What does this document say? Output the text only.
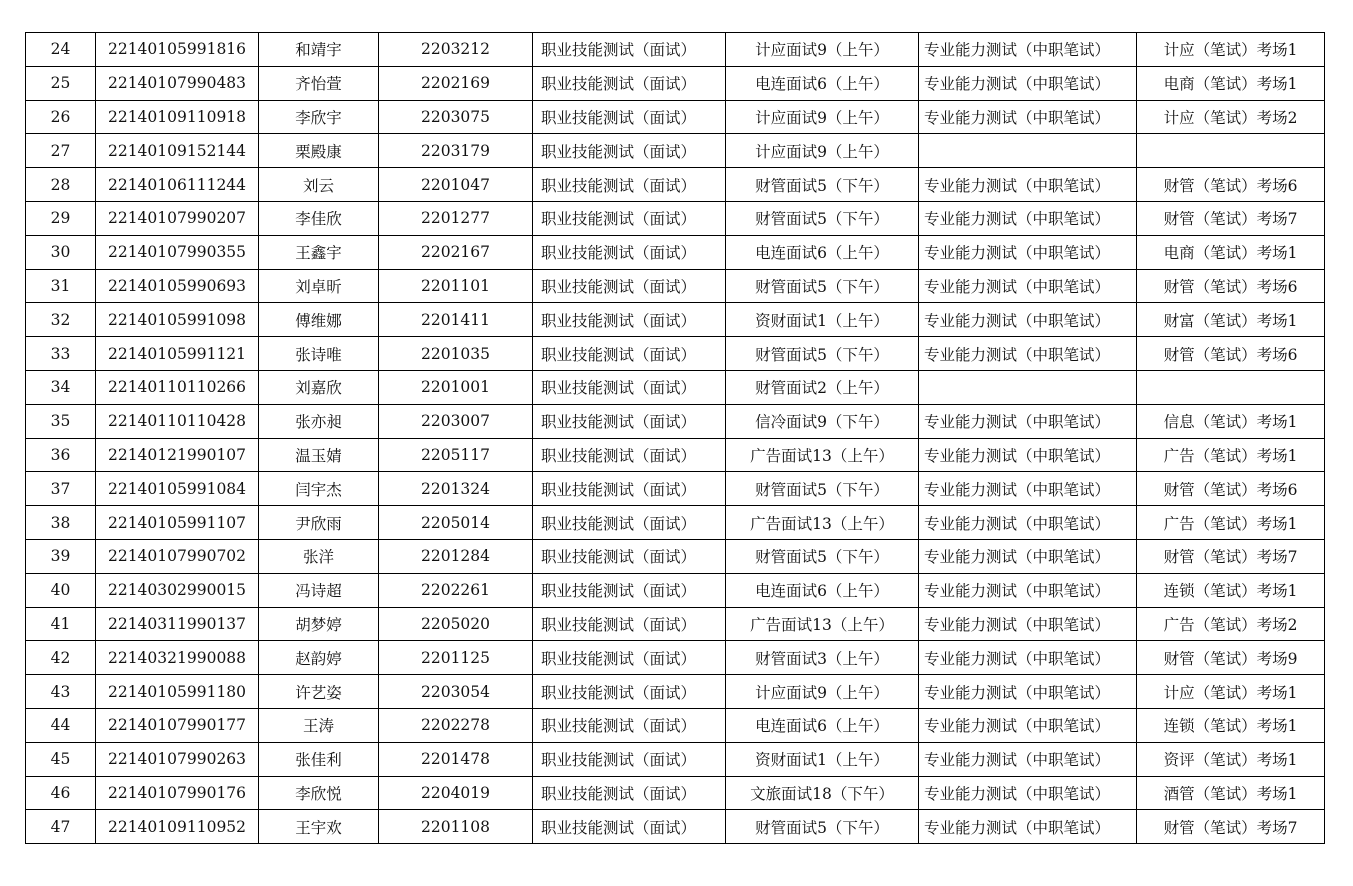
24	22140105991816	和靖宇	2203212	职业技能测试（面试）	计应面试9（上午）	专业能力测试（中职笔试）	计应（笔试）考场1
25	22140107990483	齐怡萱	2202169	职业技能测试（面试）	电连面试6（上午）	专业能力测试（中职笔试）	电商（笔试）考场1
26	22140109110918	李欣宇	2203075	职业技能测试（面试）	计应面试9（上午）	专业能力测试（中职笔试）	计应（笔试）考场2
27	22140109152144	栗殿康	2203179	职业技能测试（面试）	计应面试9（上午）		
28	22140106111244	刘云	2201047	职业技能测试（面试）	财管面试5（下午）	专业能力测试（中职笔试）	财管（笔试）考场6
29	22140107990207	李佳欣	2201277	职业技能测试（面试）	财管面试5（下午）	专业能力测试（中职笔试）	财管（笔试）考场7
30	22140107990355	王鑫宇	2202167	职业技能测试（面试）	电连面试6（上午）	专业能力测试（中职笔试）	电商（笔试）考场1
31	22140105990693	刘卓昕	2201101	职业技能测试（面试）	财管面试5（下午）	专业能力测试（中职笔试）	财管（笔试）考场6
32	22140105991098	傅维娜	2201411	职业技能测试（面试）	资财面试1（上午）	专业能力测试（中职笔试）	财富（笔试）考场1
33	22140105991121	张诗唯	2201035	职业技能测试（面试）	财管面试5（下午）	专业能力测试（中职笔试）	财管（笔试）考场6
34	22140110110266	刘嘉欣	2201001	职业技能测试（面试）	财管面试2（上午）		
35	22140110110428	张亦昶	2203007	职业技能测试（面试）	信冷面试9（下午）	专业能力测试（中职笔试）	信息（笔试）考场1
36	22140121990107	温玉婧	2205117	职业技能测试（面试）	广告面试13（上午）	专业能力测试（中职笔试）	广告（笔试）考场1
37	22140105991084	闫宇杰	2201324	职业技能测试（面试）	财管面试5（下午）	专业能力测试（中职笔试）	财管（笔试）考场6
38	22140105991107	尹欣雨	2205014	职业技能测试（面试）	广告面试13（上午）	专业能力测试（中职笔试）	广告（笔试）考场1
39	22140107990702	张洋	2201284	职业技能测试（面试）	财管面试5（下午）	专业能力测试（中职笔试）	财管（笔试）考场7
40	22140302990015	冯诗超	2202261	职业技能测试（面试）	电连面试6（上午）	专业能力测试（中职笔试）	连锁（笔试）考场1
41	22140311990137	胡梦婷	2205020	职业技能测试（面试）	广告面试13（上午）	专业能力测试（中职笔试）	广告（笔试）考场2
42	22140321990088	赵韵婷	2201125	职业技能测试（面试）	财管面试3（上午）	专业能力测试（中职笔试）	财管（笔试）考场9
43	22140105991180	许艺姿	2203054	职业技能测试（面试）	计应面试9（上午）	专业能力测试（中职笔试）	计应（笔试）考场1
44	22140107990177	王涛	2202278	职业技能测试（面试）	电连面试6（上午）	专业能力测试（中职笔试）	连锁（笔试）考场1
45	22140107990263	张佳利	2201478	职业技能测试（面试）	资财面试1（上午）	专业能力测试（中职笔试）	资评（笔试）考场1
46	22140107990176	李欣悦	2204019	职业技能测试（面试）	文旅面试18（下午）	专业能力测试（中职笔试）	酒管（笔试）考场1
47	22140109110952	王宇欢	2201108	职业技能测试（面试）	财管面试5（下午）	专业能力测试（中职笔试）	财管（笔试）考场7
